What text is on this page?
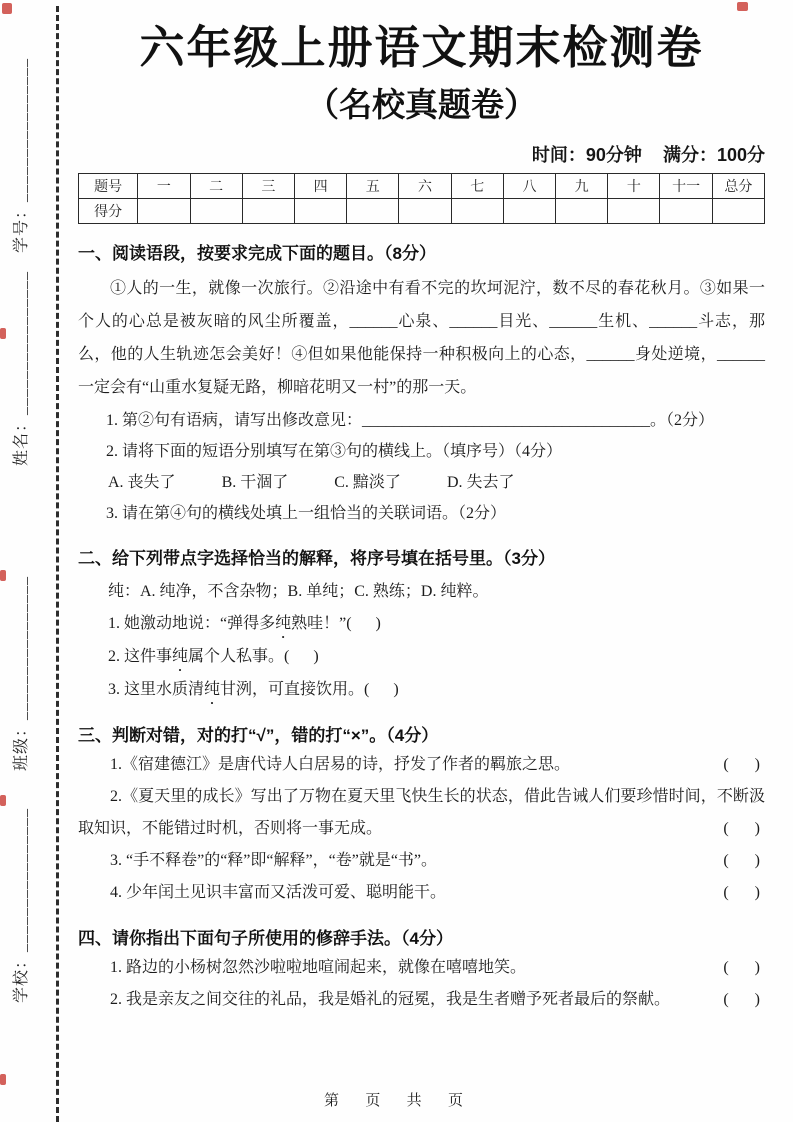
学号：________________
姓名：________________
班级：________________
学校：________________
六年级上册语文期末检测卷
（名校真题卷）
时间：90分钟 满分：100分
题号	一	二	三	四	五	六	七	八	九	十	十一	总分
得分												
一、阅读语段，按要求完成下面的题目。（8分）

①人的一生，就像一次旅行。②沿途中有看不完的坎坷泥泞，数不尽的春花秋月。③如果一个人的心总是被灰暗的风尘所覆盖，______心泉、______目光、______生机、______斗志，那么，他的人生轨迹怎会美好！④但如果他能保持一种积极向上的心态，______身处逆境，______一定会有“山重水复疑无路，柳暗花明又一村”的那一天。

1. 第②句有语病，请写出修改意见：____________________________________。（2分）

2. 请将下面的短语分别填写在第③句的横线上。（填序号）（4分）

A. 丧失了	B. 干涸了	C. 黯淡了	D. 失去了

3. 请在第④句的横线处填上一组恰当的关联词语。（2分）

二、给下列带点字选择恰当的解释，将序号填在括号里。（3分）

纯：A. 纯净，不含杂物；B. 单纯；C. 熟练；D. 纯粹。

1. 她激动地说：“弹得多纯熟哇！”(      )

2. 这件事纯属个人私事。(      )

3. 这里水质清纯甘洌，可直接饮用。(      )

三、判断对错，对的打“√”，错的打“×”。（4分）

1.《宿建德江》是唐代诗人白居易的诗，抒发了作者的羁旅之思。	(     )

2.《夏天里的成长》写出了万物在夏天里飞快生长的状态，借此告诫人们要珍惜时间，不断汲取知识，不能错过时机，否则将一事无成。	(     )

3. “手不释卷”的“释”即“解释”，“卷”就是“书”。	(     )

4. 少年闰土见识丰富而又活泼可爱、聪明能干。	(     )

四、请你指出下面句子所使用的修辞手法。（4分）

1. 路边的小杨树忽然沙啦啦地喧闹起来，就像在嘻嘻地笑。	(     )

2. 我是亲友之间交往的礼品，我是婚礼的冠冕，我是生者赠予死者最后的祭献。	(     )

第  页  共  页
